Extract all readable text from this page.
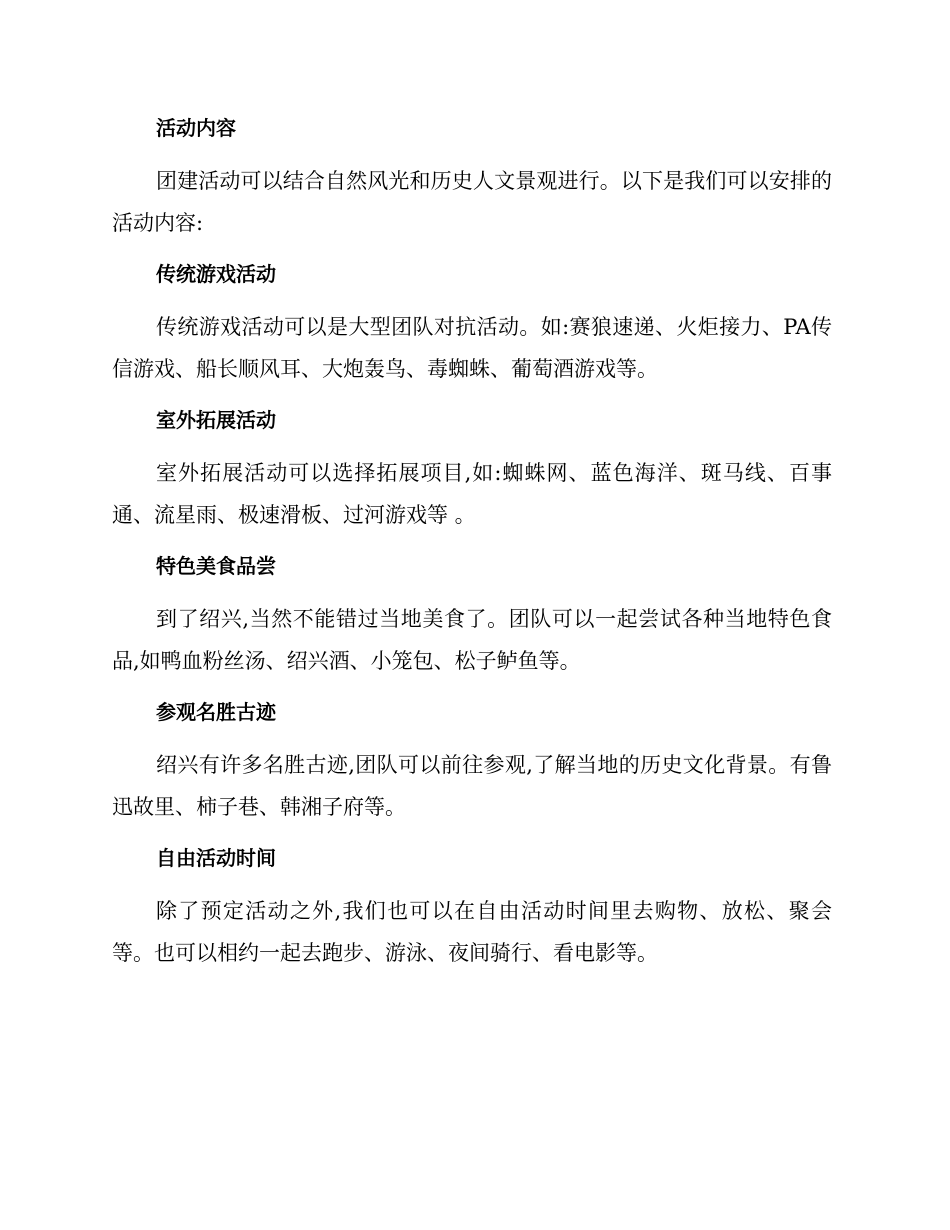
活动内容

团建活动可以结合自然风光和历史人文景观进行。以下是我们可以安排的活动内容:

传统游戏活动

传统游戏活动可以是大型团队对抗活动。如:赛狼速递、火炬接力、PA传信游戏、船长顺风耳、大炮轰鸟、毒蜘蛛、葡萄酒游戏等。

室外拓展活动

室外拓展活动可以选择拓展项目,如:蜘蛛网、蓝色海洋、斑马线、百事通、流星雨、极速滑板、过河游戏等 。

特色美食品尝

到了绍兴,当然不能错过当地美食了。团队可以一起尝试各种当地特色食品,如鸭血粉丝汤、绍兴酒、小笼包、松子鲈鱼等。

参观名胜古迹

绍兴有许多名胜古迹,团队可以前往参观,了解当地的历史文化背景。有鲁迅故里、柿子巷、韩湘子府等。

自由活动时间

除了预定活动之外,我们也可以在自由活动时间里去购物、放松、聚会等。也可以相约一起去跑步、游泳、夜间骑行、看电影等。
